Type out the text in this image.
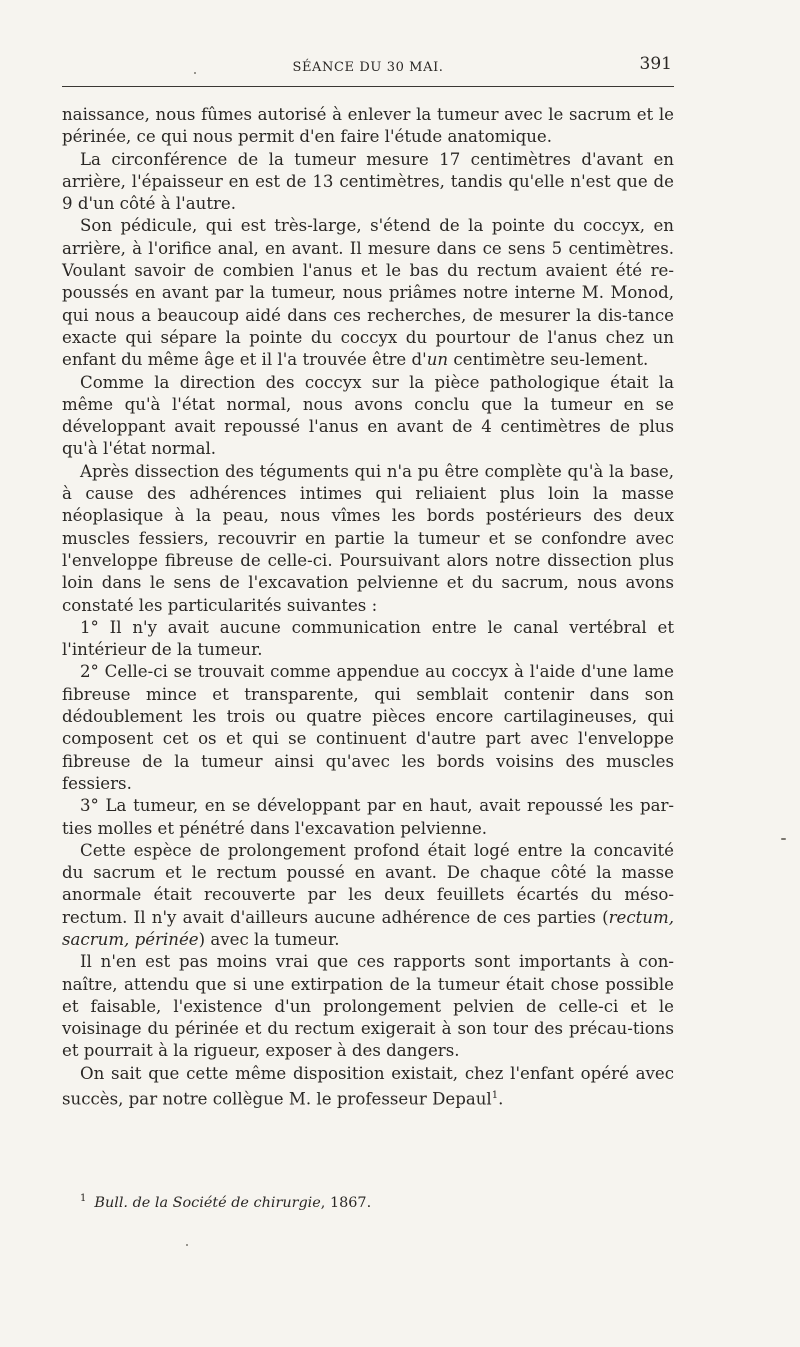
SÉANCE DU 30 MAI.	391

naissance, nous fûmes autorisé à enlever la tumeur avec le sacrum et le périnée, ce qui nous permit d'en faire l'étude anatomique.

La circonférence de la tumeur mesure 17 centimètres d'avant en arrière, l'épaisseur en est de 13 centimètres, tandis qu'elle n'est que de 9 d'un côté à l'autre.

Son pédicule, qui est très-large, s'étend de la pointe du coccyx, en arrière, à l'orifice anal, en avant. Il mesure dans ce sens 5 centimètres. Voulant savoir de combien l'anus et le bas du rectum avaient été re-poussés en avant par la tumeur, nous priâmes notre interne M. Monod, qui nous a beaucoup aidé dans ces recherches, de mesurer la dis-tance exacte qui sépare la pointe du coccyx du pourtour de l'anus chez un enfant du même âge et il l'a trouvée être d'un centimètre seu-lement.

Comme la direction des coccyx sur la pièce pathologique était la même qu'à l'état normal, nous avons conclu que la tumeur en se développant avait repoussé l'anus en avant de 4 centimètres de plus qu'à l'état normal.

Après dissection des téguments qui n'a pu être complète qu'à la base, à cause des adhérences intimes qui reliaient plus loin la masse néoplasique à la peau, nous vîmes les bords postérieurs des deux muscles fessiers, recouvrir en partie la tumeur et se confondre avec l'enveloppe fibreuse de celle-ci. Poursuivant alors notre dissection plus loin dans le sens de l'excavation pelvienne et du sacrum, nous avons constaté les particularités suivantes :

1° Il n'y avait aucune communication entre le canal vertébral et l'intérieur de la tumeur.

2° Celle-ci se trouvait comme appendue au coccyx à l'aide d'une lame fibreuse mince et transparente, qui semblait contenir dans son dédoublement les trois ou quatre pièces encore cartilagineuses, qui composent cet os et qui se continuent d'autre part avec l'enveloppe fibreuse de la tumeur ainsi qu'avec les bords voisins des muscles fessiers.

3° La tumeur, en se développant par en haut, avait repoussé les par-ties molles et pénétré dans l'excavation pelvienne.

Cette espèce de prolongement profond était logé entre la concavité du sacrum et le rectum poussé en avant. De chaque côté la masse anormale était recouverte par les deux feuillets écartés du méso-rectum. Il n'y avait d'ailleurs aucune adhérence de ces parties (rectum, sacrum, périnée) avec la tumeur.

Il n'en est pas moins vrai que ces rapports sont importants à con-naître, attendu que si une extirpation de la tumeur était chose possible et faisable, l'existence d'un prolongement pelvien de celle-ci et le voisinage du périnée et du rectum exigerait à son tour des précau-tions et pourrait à la rigueur, exposer à des dangers.

On sait que cette même disposition existait, chez l'enfant opéré avec succès, par notre collègue M. le professeur Depaul$^1$.

$^1$ Bull. de la Société de chirurgie, 1867.
